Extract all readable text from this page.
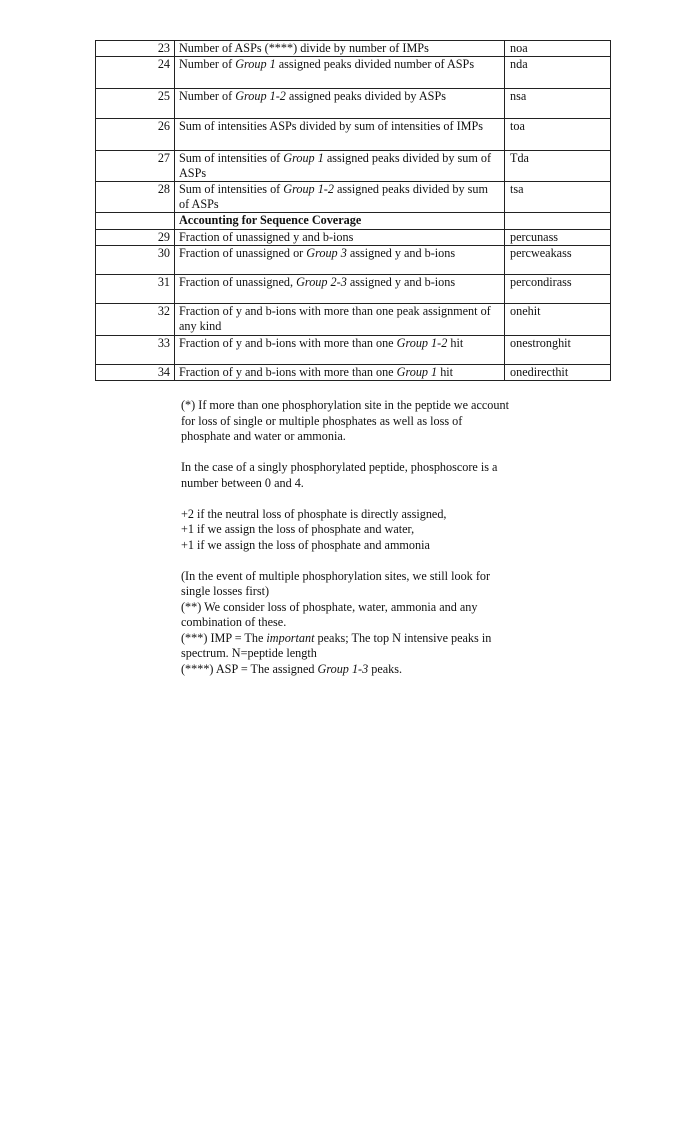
23	Number of ASPs (****) divide by number of IMPs	noa
24	Number of Group 1 assigned peaks divided number of ASPs	nda
25	Number of Group 1-2 assigned peaks divided by ASPs	nsa
26	Sum of intensities ASPs divided by sum of intensities of IMPs	toa
27	Sum of intensities of Group 1 assigned peaks divided by sum of ASPs	Tda
28	Sum of intensities of Group 1-2 assigned peaks divided by sum of ASPs	tsa
	Accounting for Sequence Coverage	
29	Fraction of unassigned y and b-ions	percunass
30	Fraction of unassigned or Group 3 assigned y and b-ions	percweakass
31	Fraction of unassigned, Group 2-3 assigned y and b-ions	percondirass
32	Fraction of y and b-ions with more than one peak assignment of any kind	onehit
33	Fraction of y and b-ions with more than one Group 1-2 hit	onestronghit
34	Fraction of y and b-ions with more than one Group 1 hit	onedirecthit

(*) If more than one phosphorylation site in the peptide we account for loss of single or multiple phosphates as well as loss of phosphate and water or ammonia.

In the case of a singly phosphorylated peptide, phosphoscore is a number between 0 and 4.

+2 if the neutral loss of phosphate is directly assigned,

+1 if we assign the loss of phosphate and water,

+1 if we assign the loss of phosphate and ammonia

(In the event of multiple phosphorylation sites, we still look for single losses first)

(**) We consider loss of phosphate, water, ammonia and any combination of these.

(***) IMP = The important peaks; The top N intensive peaks in spectrum. N=peptide length

(****) ASP = The assigned Group 1-3 peaks.
